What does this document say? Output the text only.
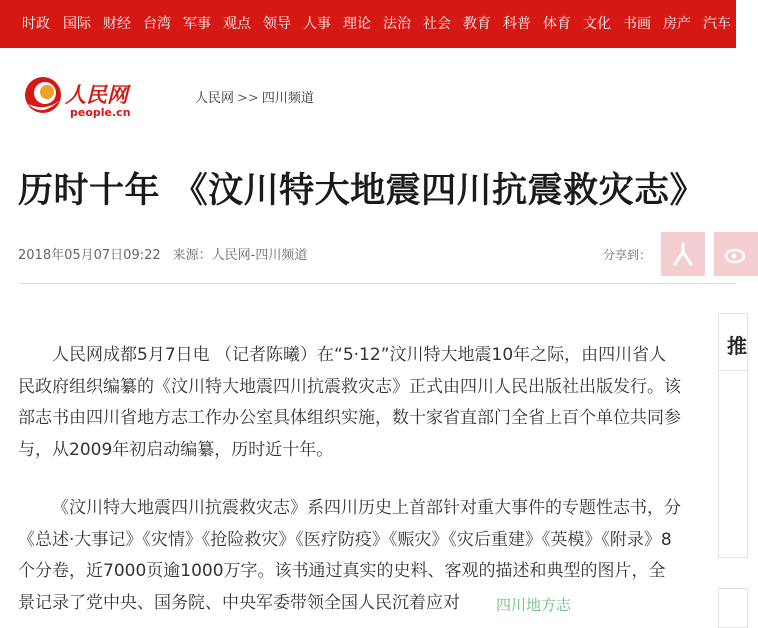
时政 国际 财经 台湾 军事 观点 领导 人事 理论 法治 社会 教育 科普 体育 文化 书画 房产 汽车
人民网
people.cn
人民网 >> 四川频道
历时十年 《汶川特大地震四川抗震救灾志》
2018年05月07日09:22 来源：人民网-四川频道	分享到：

人民网成都5月7日电 （记者陈曦）在“5·12”汶川特大地震10年之际，由四川省人民政府组织编纂的《汶川特大地震四川抗震救灾志》正式由四川人民出版社出版发行。该部志书由四川省地方志工作办公室具体组织实施，数十家省直部门全省上百个单位共同参与，从2009年初启动编纂，历时近十年。

《汶川特大地震四川抗震救灾志》系四川历史上首部针对重大事件的专题性志书，分《总述·大事记》《灾情》《抢险救灾》《医疗防疫》《赈灾》《灾后重建》《英模》《附录》8个分卷，近7000页逾1000万字。该书通过真实的史料、客观的描述和典型的图片，全景记录了党中央、国务院、中央军委带领全国人民沉着应对

推
四川地方志
